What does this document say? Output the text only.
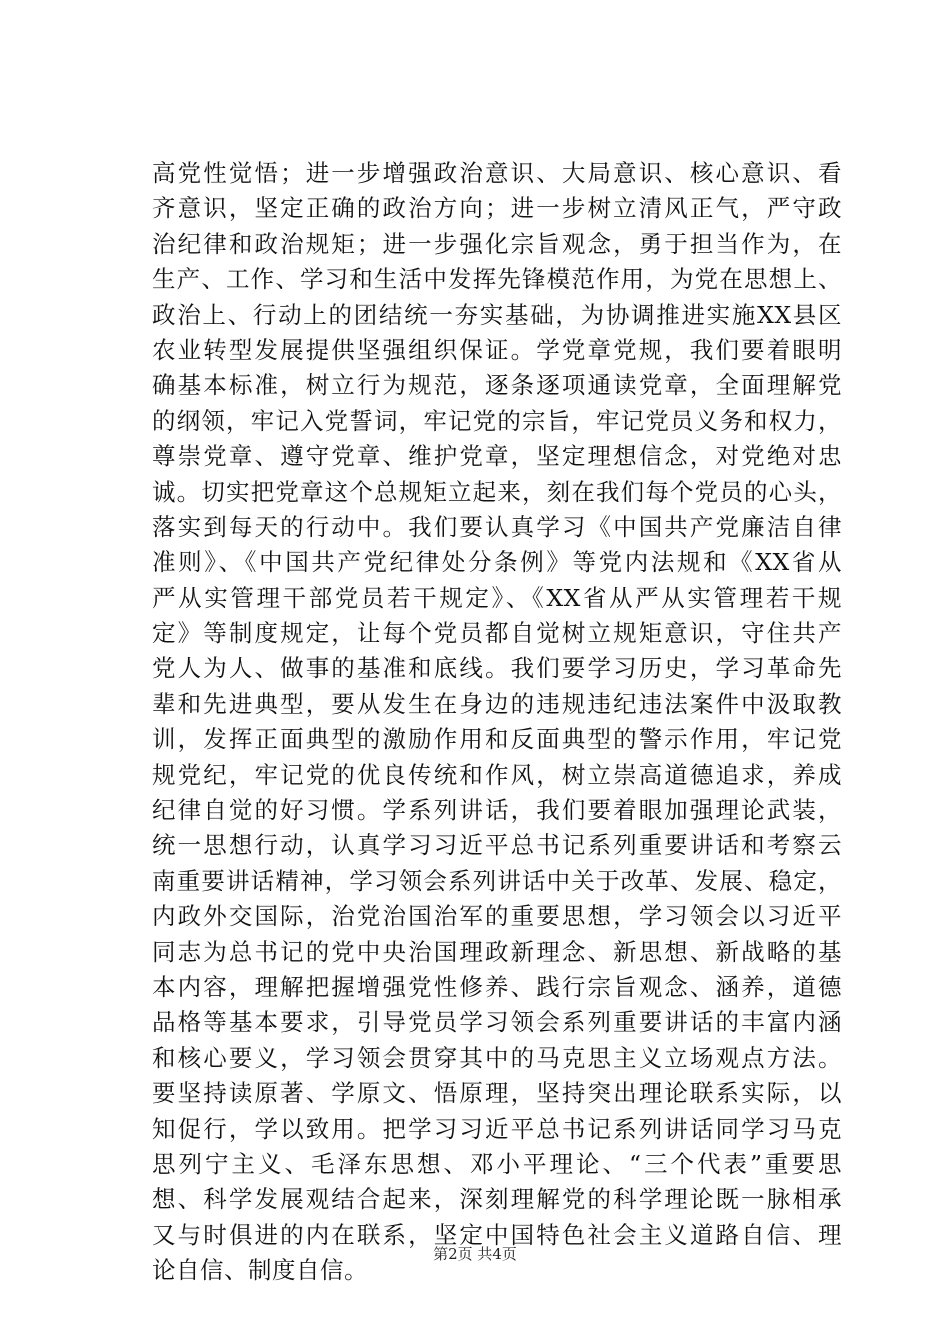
高党性觉悟；进一步增强政治意识、大局意识、核心意识、看
齐意识，坚定正确的政治方向；进一步树立清风正气，严守政
治纪律和政治规矩；进一步强化宗旨观念，勇于担当作为，在
生产、工作、学习和生活中发挥先锋模范作用，为党在思想上、
政治上、行动上的团结统一夯实基础，为协调推进实施XX县区
农业转型发展提供坚强组织保证。学党章党规，我们要着眼明
确基本标准，树立行为规范，逐条逐项通读党章，全面理解党
的纲领，牢记入党誓词，牢记党的宗旨，牢记党员义务和权力，
尊崇党章、遵守党章、维护党章，坚定理想信念，对党绝对忠
诚。切实把党章这个总规矩立起来，刻在我们每个党员的心头，
落实到每天的行动中。我们要认真学习《中国共产党廉洁自律
准则》、《中国共产党纪律处分条例》等党内法规和《XX省从
严从实管理干部党员若干规定》、《XX省从严从实管理若干规
定》等制度规定，让每个党员都自觉树立规矩意识，守住共产
党人为人、做事的基准和底线。我们要学习历史，学习革命先
辈和先进典型，要从发生在身边的违规违纪违法案件中汲取教
训，发挥正面典型的激励作用和反面典型的警示作用，牢记党
规党纪，牢记党的优良传统和作风，树立崇高道德追求，养成
纪律自觉的好习惯。学系列讲话，我们要着眼加强理论武装，
统一思想行动，认真学习习近平总书记系列重要讲话和考察云
南重要讲话精神，学习领会系列讲话中关于改革、发展、稳定，
内政外交国际，治党治国治军的重要思想，学习领会以习近平
同志为总书记的党中央治国理政新理念、新思想、新战略的基
本内容，理解把握增强党性修养、践行宗旨观念、涵养，道德
品格等基本要求，引导党员学习领会系列重要讲话的丰富内涵
和核心要义，学习领会贯穿其中的马克思主义立场观点方法。
要坚持读原著、学原文、悟原理，坚持突出理论联系实际，以
知促行，学以致用。把学习习近平总书记系列讲话同学习马克
思列宁主义、毛泽东思想、邓小平理论、“三个代表”重要思
想、科学发展观结合起来，深刻理解党的科学理论既一脉相承
又与时俱进的内在联系，坚定中国特色社会主义道路自信、理
论自信、制度自信。
第2页 共4页
